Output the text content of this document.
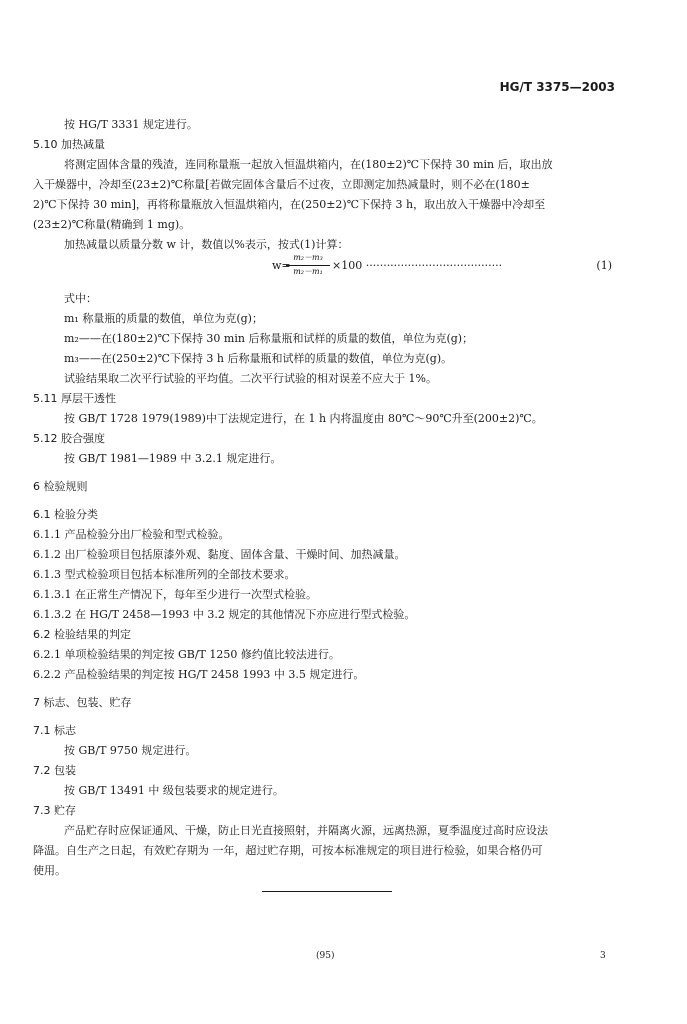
HG/T 3375—2003
按 HG/T 3331 规定进行。
5.10 加热减量
将测定固体含量的残渣，连同称量瓶一起放入恒温烘箱内，在(180±2)℃下保持 30 min 后，取出放
入干燥器中，冷却至(23±2)℃称量[若做完固体含量后不过夜，立即测定加热减量时，则不必在(180±
2)℃下保持 30 min]，再将称量瓶放入恒温烘箱内，在(250±2)℃下保持 3 h，取出放入干燥器中冷却至
(23±2)℃称量(精确到 1 mg)。
加热减量以质量分数 w 计，数值以%表示，按式(1)计算：
式中：
m₁ 称量瓶的质量的数值，单位为克(g)；
m₂——在(180±2)℃下保持 30 min 后称量瓶和试样的质量的数值，单位为克(g)；
m₃——在(250±2)℃下保持 3 h 后称量瓶和试样的质量的数值，单位为克(g)。
试验结果取二次平行试验的平均值。二次平行试验的相对误差不应大于 1%。
5.11 厚层干透性
按 GB/T 1728 1979(1989)中丁法规定进行，在 1 h 内将温度由 80℃～90℃升至(200±2)℃。
5.12 胶合强度
按 GB/T 1981—1989 中 3.2.1 规定进行。
6 检验规则
6.1 检验分类
6.1.1 产品检验分出厂检验和型式检验。
6.1.2 出厂检验项目包括原漆外观、黏度、固体含量、干燥时间、加热减量。
6.1.3 型式检验项目包括本标准所列的全部技术要求。
6.1.3.1 在正常生产情况下，每年至少进行一次型式检验。
6.1.3.2 在 HG/T 2458—1993 中 3.2 规定的其他情况下亦应进行型式检验。
6.2 检验结果的判定
6.2.1 单项检验结果的判定按 GB/T 1250 修约值比较法进行。
6.2.2 产品检验结果的判定按 HG/T 2458 1993 中 3.5 规定进行。
7 标志、包装、贮存
7.1 标志
按 GB/T 9750 规定进行。
7.2 包装
按 GB/T 13491 中 级包装要求的规定进行。
7.3 贮存
产品贮存时应保证通风、干燥，防止日光直接照射，并隔离火源，远离热源，夏季温度过高时应设法
降温。自生产之日起，有效贮存期为 一年，超过贮存期，可按本标准规定的项目进行检验，如果合格仍可
使用。
w=
m₂－m₃
m₂－m₁ ×100 ·······································	(1)
(95)	3
